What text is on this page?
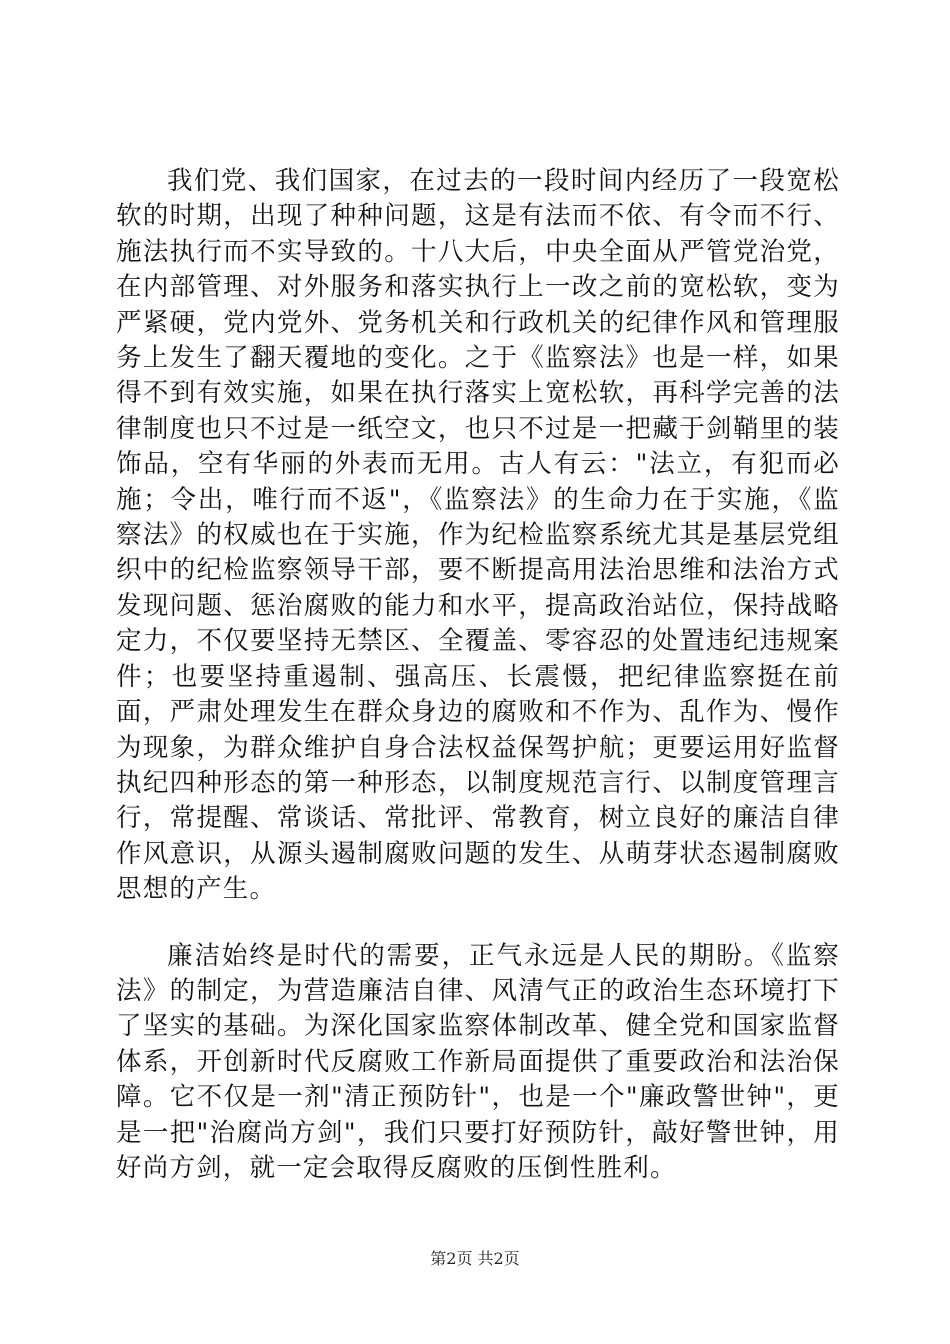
我们党、我们国家，在过去的一段时间内经历了一段宽松软的时期，出现了种种问题，这是有法而不依、有令而不行、施法执行而不实导致的。十八大后，中央全面从严管党治党，在内部管理、对外服务和落实执行上一改之前的宽松软，变为严紧硬，党内党外、党务机关和行政机关的纪律作风和管理服务上发生了翻天覆地的变化。之于《监察法》也是一样，如果得不到有效实施，如果在执行落实上宽松软，再科学完善的法律制度也只不过是一纸空文，也只不过是一把藏于剑鞘里的装饰品，空有华丽的外表而无用。古人有云："法立，有犯而必施；令出，唯行而不返"，《监察法》的生命力在于实施，《监察法》的权威也在于实施，作为纪检监察系统尤其是基层党组织中的纪检监察领导干部，要不断提高用法治思维和法治方式发现问题、惩治腐败的能力和水平，提高政治站位，保持战略定力，不仅要坚持无禁区、全覆盖、零容忍的处置违纪违规案件；也要坚持重遏制、强高压、长震慑，把纪律监察挺在前面，严肃处理发生在群众身边的腐败和不作为、乱作为、慢作为现象，为群众维护自身合法权益保驾护航；更要运用好监督执纪四种形态的第一种形态，以制度规范言行、以制度管理言行，常提醒、常谈话、常批评、常教育，树立良好的廉洁自律作风意识，从源头遏制腐败问题的发生、从萌芽状态遏制腐败思想的产生。

廉洁始终是时代的需要，正气永远是人民的期盼。《监察法》的制定，为营造廉洁自律、风清气正的政治生态环境打下了坚实的基础。为深化国家监察体制改革、健全党和国家监督体系，开创新时代反腐败工作新局面提供了重要政治和法治保障。它不仅是一剂"清正预防针"，也是一个"廉政警世钟"，更是一把"治腐尚方剑"，我们只要打好预防针，敲好警世钟，用好尚方剑，就一定会取得反腐败的压倒性胜利。

第2页 共2页
